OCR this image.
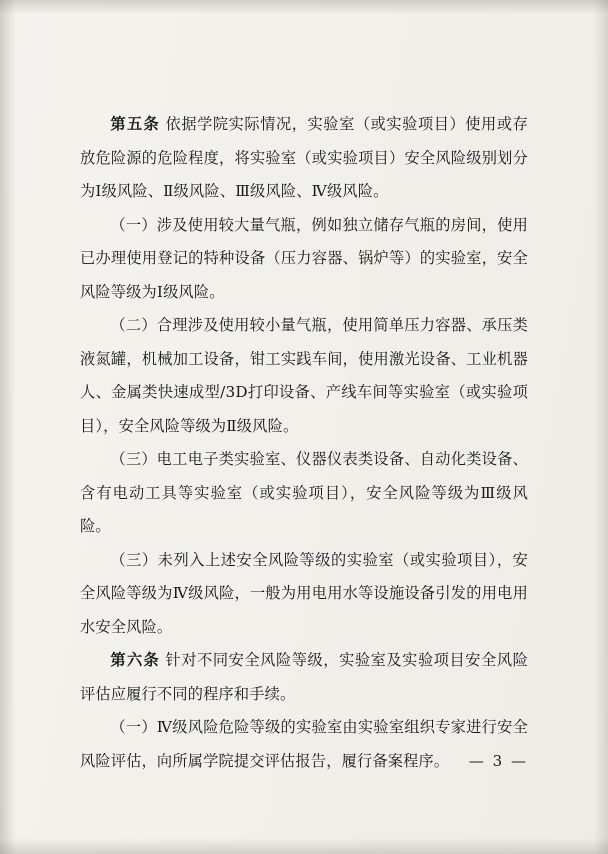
第五条 依据学院实际情况，实验室（或实验项目）使用或存放危险源的危险程度，将实验室（或实验项目）安全风险级别划分为Ⅰ级风险、Ⅱ级风险、Ⅲ级风险、Ⅳ级风险。

（一）涉及使用较大量气瓶，例如独立储存气瓶的房间，使用已办理使用登记的特种设备（压力容器、锅炉等）的实验室，安全风险等级为Ⅰ级风险。

（二）合理涉及使用较小量气瓶，使用简单压力容器、承压类液氮罐，机械加工设备，钳工实践车间，使用激光设备、工业机器人、金属类快速成型/3D打印设备、产线车间等实验室（或实验项目），安全风险等级为Ⅱ级风险。

（三）电工电子类实验室、仪器仪表类设备、自动化类设备、含有电动工具等实验室（或实验项目），安全风险等级为Ⅲ级风险。

（三）未列入上述安全风险等级的实验室（或实验项目），安全风险等级为Ⅳ级风险，一般为用电用水等设施设备引发的用电用水安全风险。

第六条 针对不同安全风险等级，实验室及实验项目安全风险评估应履行不同的程序和手续。

（一）Ⅳ级风险危险等级的实验室由实验室组织专家进行安全风险评估，向所属学院提交评估报告，履行备案程序。	— 3 —
